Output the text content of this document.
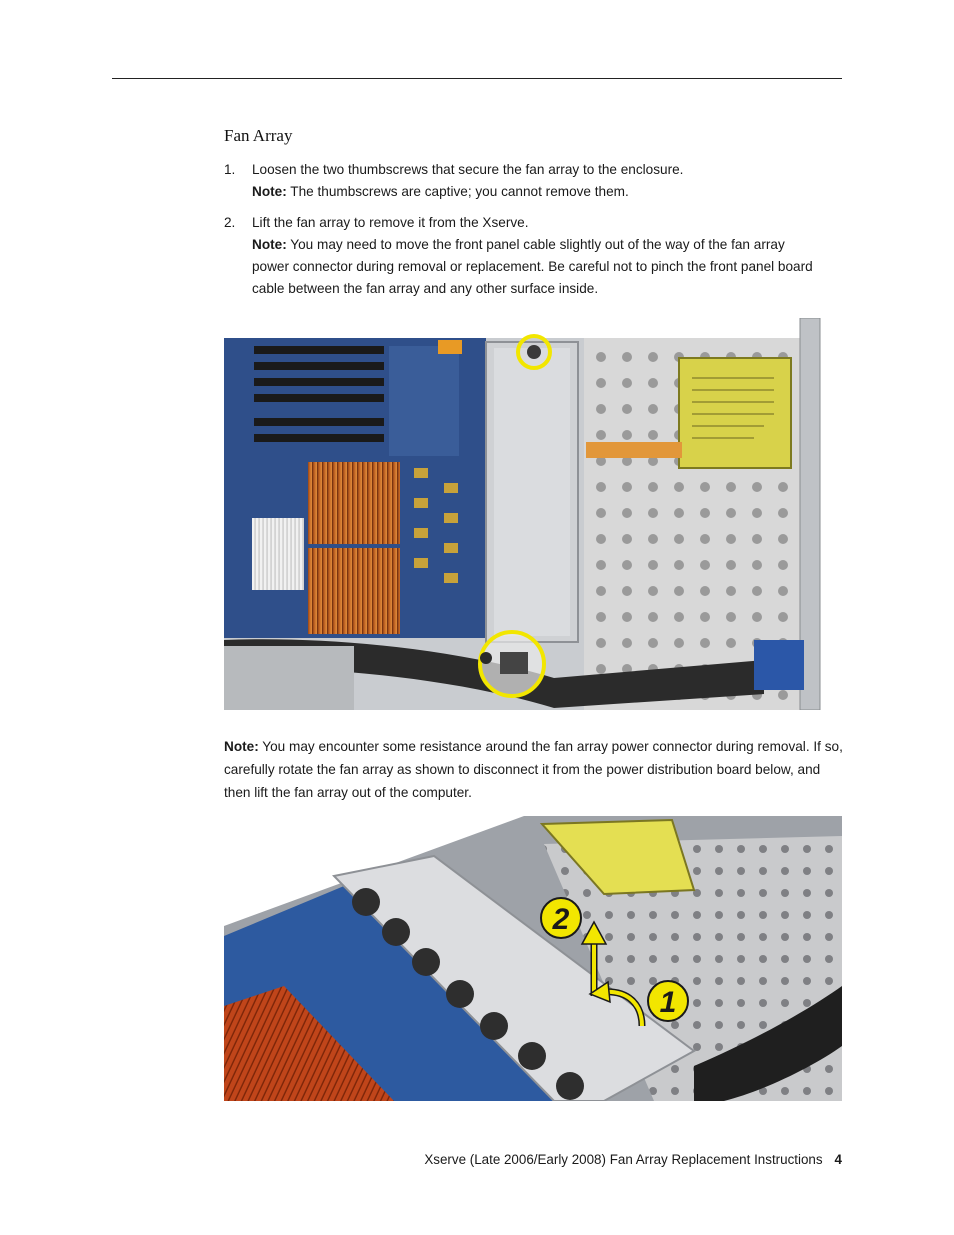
Fan Array
1. Loosen the two thumbscrews that secure the fan array to the enclosure.
Note: The thumbscrews are captive; you cannot remove them.
2. Lift the fan array to remove it from the Xserve.
Note: You may need to move the front panel cable slightly out of the way of the fan array power connector during removal or replacement. Be careful not to pinch the front panel board cable between the fan array and any other surface inside.
Note: You may encounter some resistance around the fan array power connector during removal. If so, carefully rotate the fan array as shown to disconnect it from the power distribution board below, and then lift the fan array out of the computer.
2
1
Xserve (Late 2006/Early 2008) Fan Array Replacement Instructions 4
